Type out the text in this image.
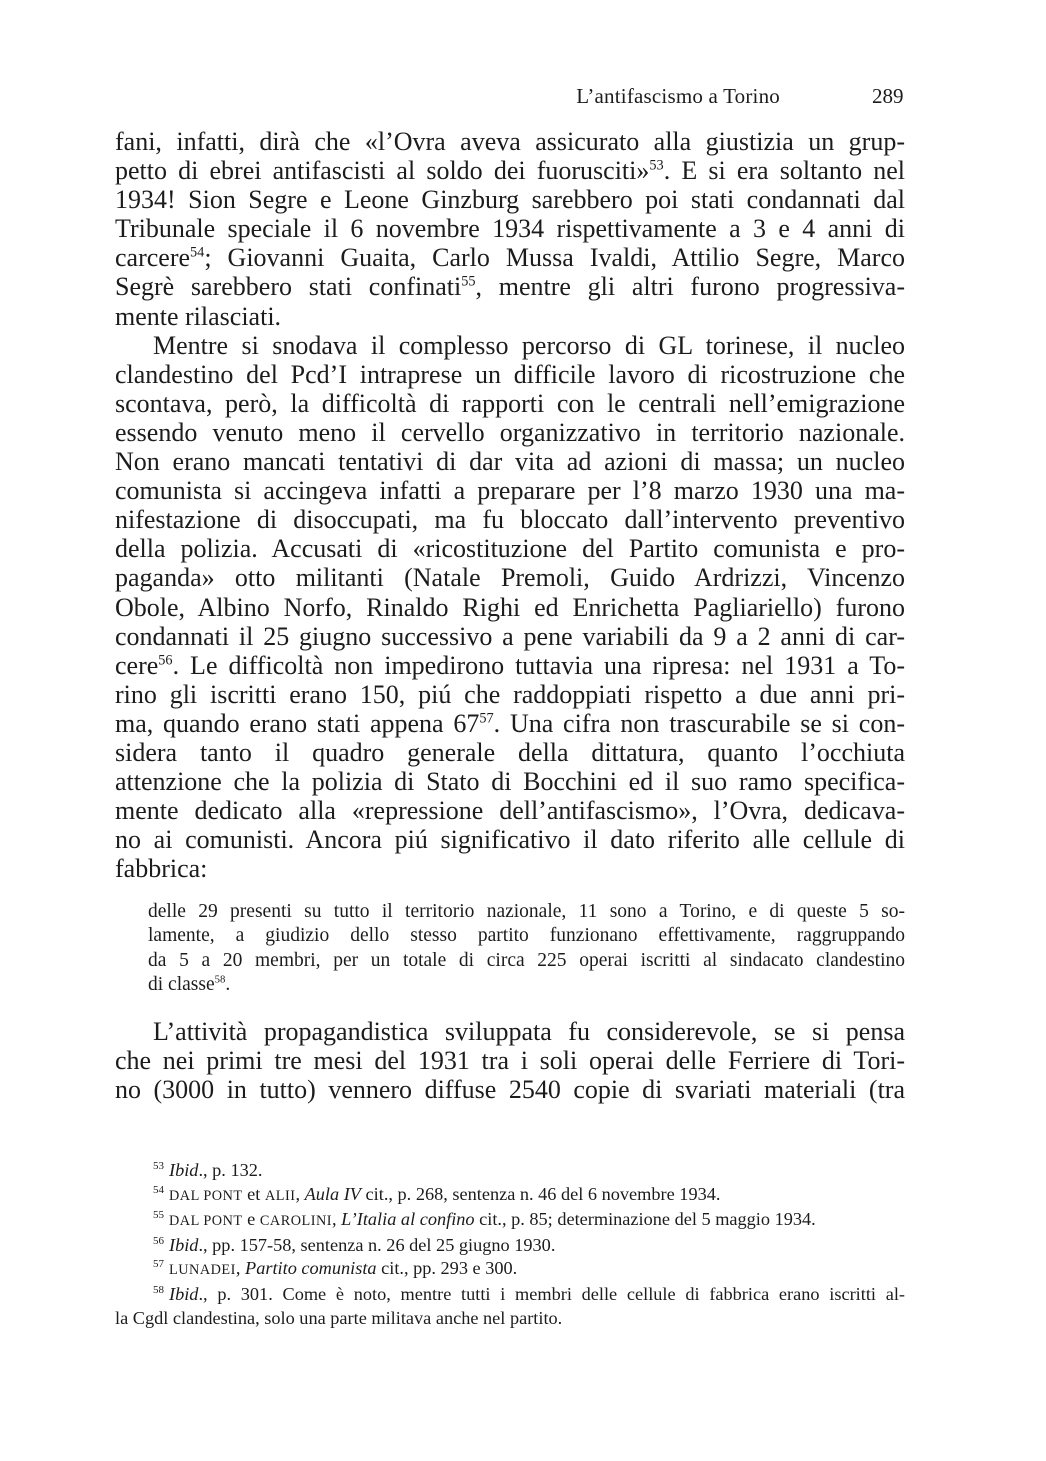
L’antifascismo a Torino	289
fani, infatti, dirà che «l’Ovra aveva assicurato alla giustizia un grup-
petto di ebrei antifascisti al soldo dei fuorusciti»$^{53}$. E si era soltanto nel
1934! Sion Segre e Leone Ginzburg sarebbero poi stati condannati dal
Tribunale speciale il 6 novembre 1934 rispettivamente a 3 e 4 anni di
carcere$^{54}$; Giovanni Guaita, Carlo Mussa Ivaldi, Attilio Segre, Marco
Segrè sarebbero stati confinati$^{55}$, mentre gli altri furono progressiva-
mente rilasciati.
Mentre si snodava il complesso percorso di GL torinese, il nucleo
clandestino del Pcd’I intraprese un difficile lavoro di ricostruzione che
scontava, però, la difficoltà di rapporti con le centrali nell’emigrazione
essendo venuto meno il cervello organizzativo in territorio nazionale.
Non erano mancati tentativi di dar vita ad azioni di massa; un nucleo
comunista si accingeva infatti a preparare per l’8 marzo 1930 una ma-
nifestazione di disoccupati, ma fu bloccato dall’intervento preventivo
della polizia. Accusati di «ricostituzione del Partito comunista e pro-
paganda» otto militanti (Natale Premoli, Guido Ardrizzi, Vincenzo
Obole, Albino Norfo, Rinaldo Righi ed Enrichetta Pagliariello) furono
condannati il 25 giugno successivo a pene variabili da 9 a 2 anni di car-
cere$^{56}$. Le difficoltà non impedirono tuttavia una ripresa: nel 1931 a To-
rino gli iscritti erano 150, piú che raddoppiati rispetto a due anni pri-
ma, quando erano stati appena $67^{57}$. Una cifra non trascurabile se si con-
sidera tanto il quadro generale della dittatura, quanto l’occhiuta
attenzione che la polizia di Stato di Bocchini ed il suo ramo specifica-
mente dedicato alla «repressione dell’antifascismo», l’Ovra, dedicava-
no ai comunisti. Ancora piú significativo il dato riferito alle cellule di
fabbrica:
delle 29 presenti su tutto il territorio nazionale, 11 sono a Torino, e di queste 5 so-
lamente, a giudizio dello stesso partito funzionano effettivamente, raggruppando
da 5 a 20 membri, per un totale di circa 225 operai iscritti al sindacato clandestino
di classe$^{58}$.
L’attività propagandistica sviluppata fu considerevole, se si pensa
che nei primi tre mesi del 1931 tra i soli operai delle Ferriere di Tori-
no (3000 in tutto) vennero diffuse 2540 copie di svariati materiali (tra

$^{53}$ Ibid., p. 132.

$^{54}$ DAL PONT et ALII, Aula IV cit., p. 268, sentenza n. 46 del 6 novembre 1934.

$^{55}$ DAL PONT e CAROLINI, L’Italia al confino cit., p. 85; determinazione del 5 maggio 1934.

$^{56}$ Ibid., pp. 157-58, sentenza n. 26 del 25 giugno 1930.

$^{57}$ LUNADEI, Partito comunista cit., pp. 293 e 300.

$^{58}$ Ibid., p. 301. Come è noto, mentre tutti i membri delle cellule di fabbrica erano iscritti al-
la Cgdl clandestina, solo una parte militava anche nel partito.
